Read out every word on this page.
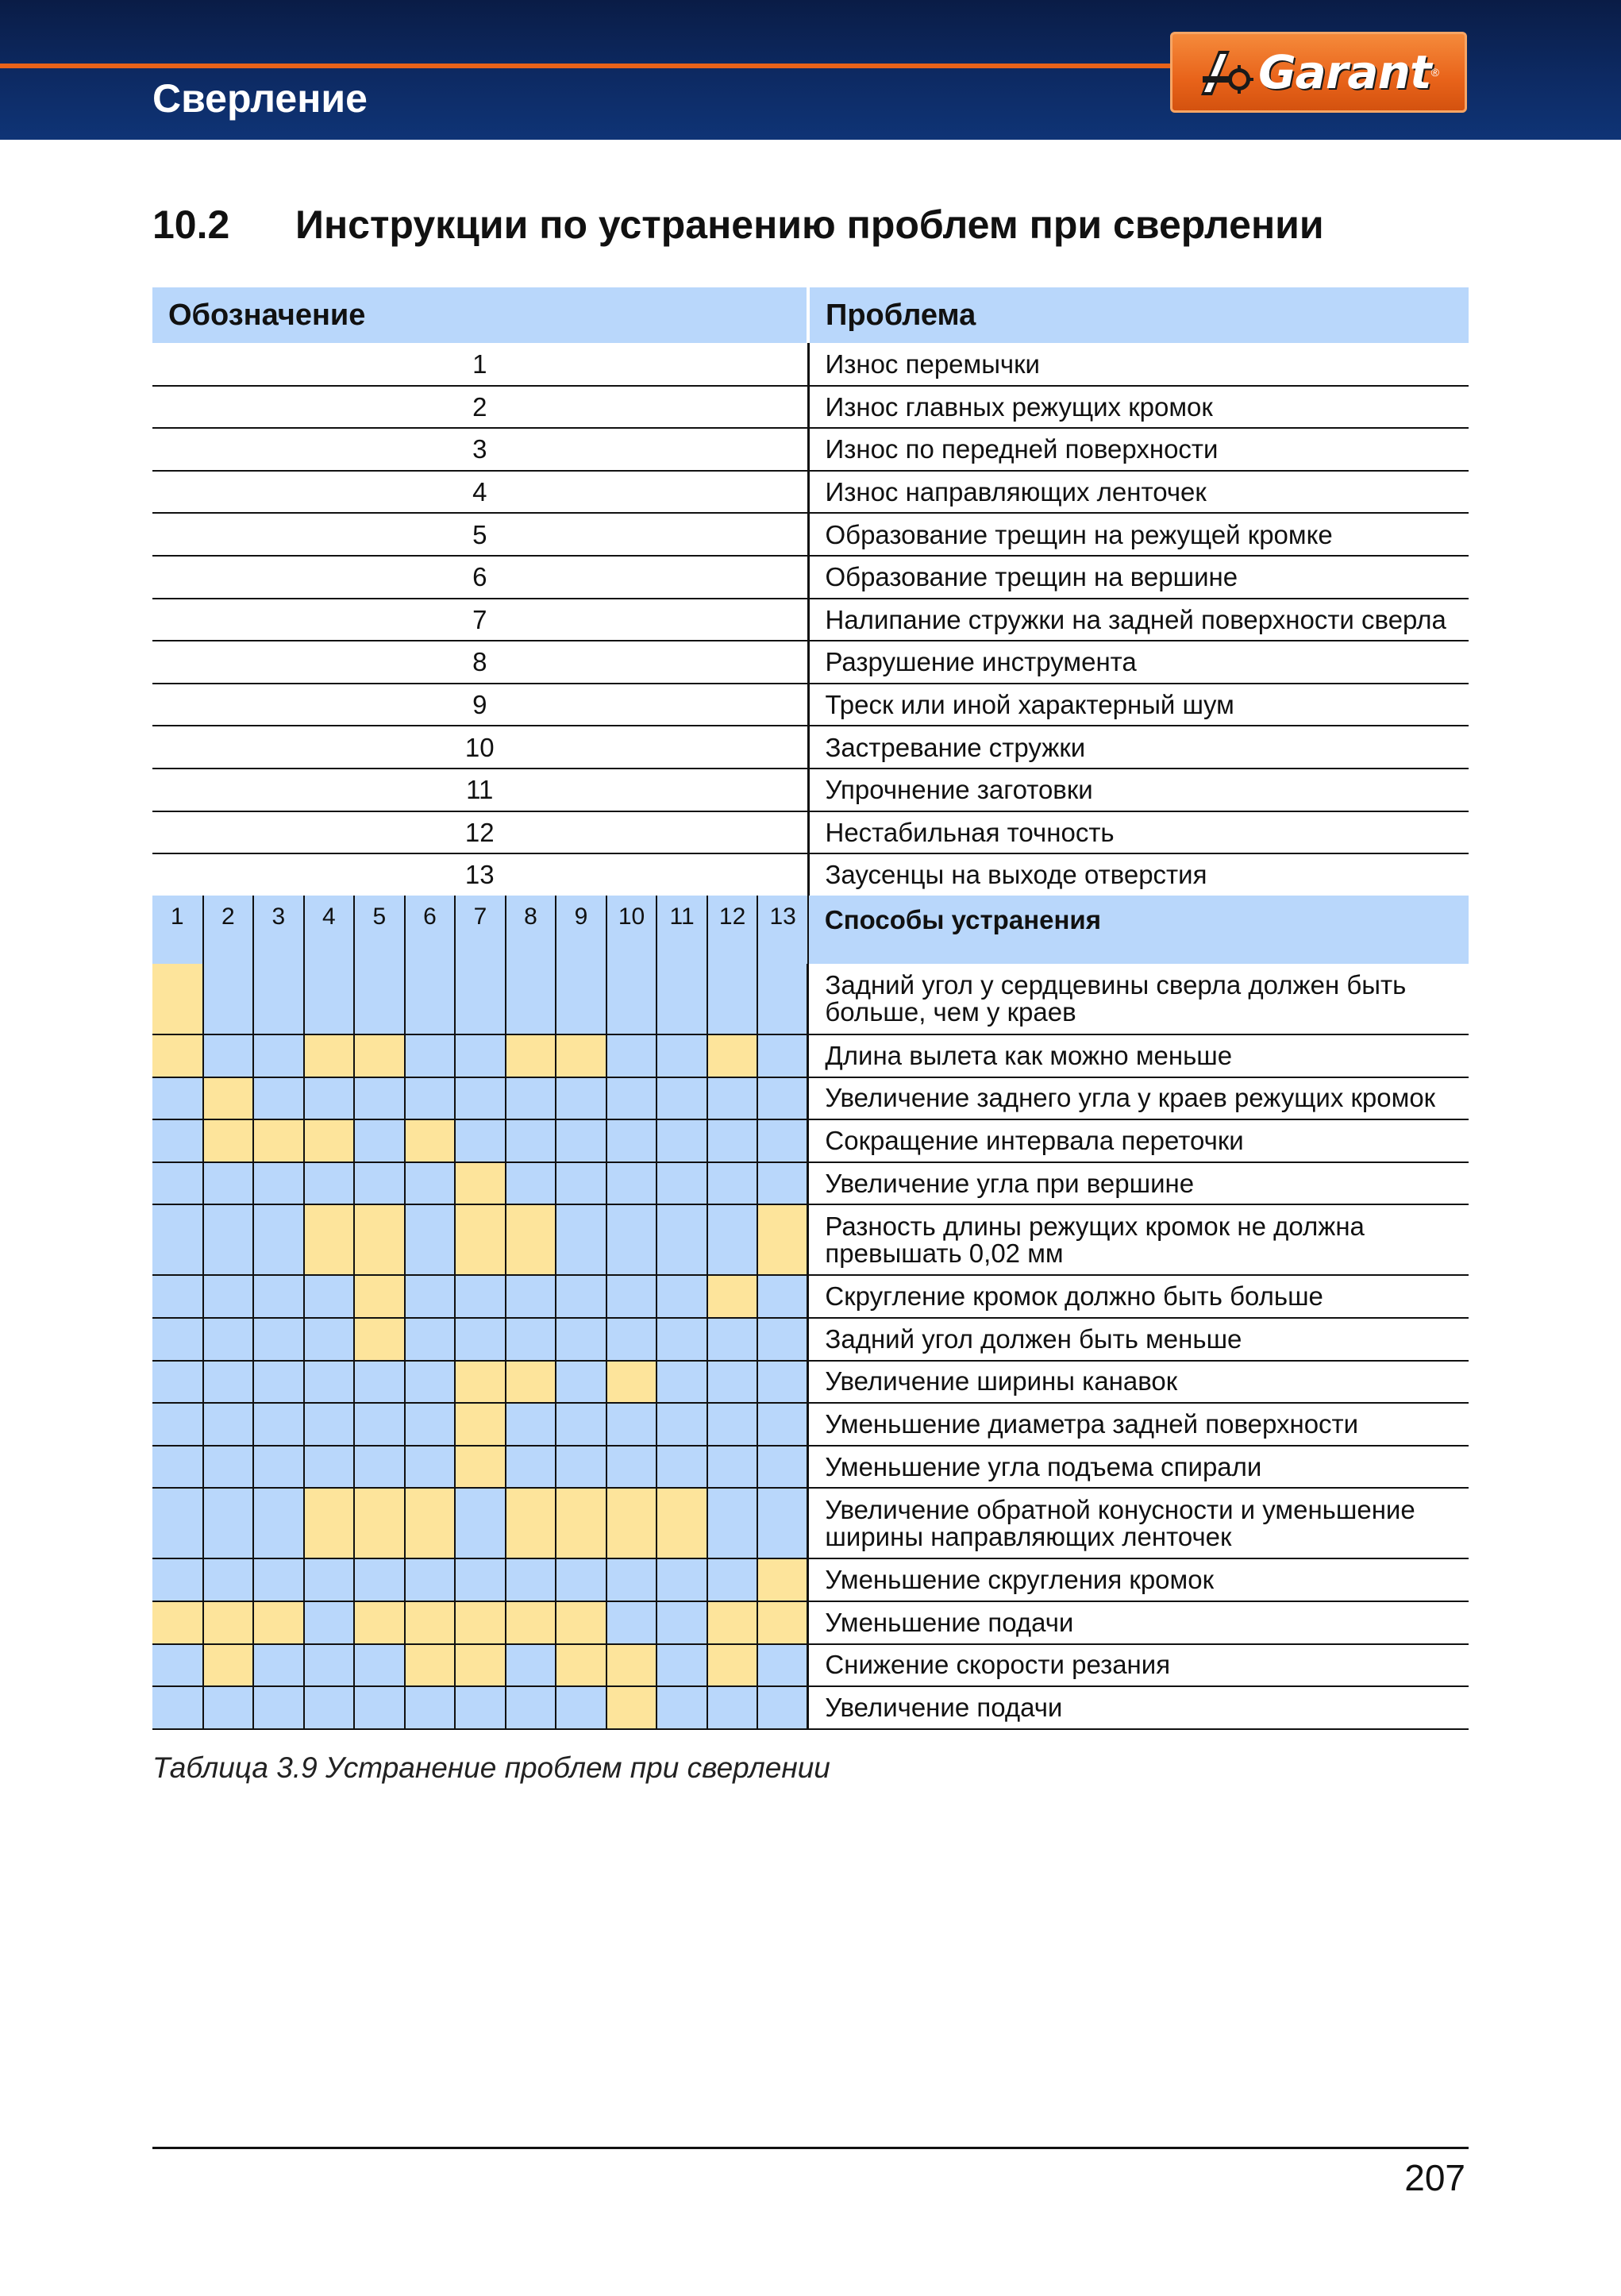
Сверление	Garant ®
10.2	Инструкции по устранению проблем при сверлении
Обозначение	Проблема
1	Износ перемычки
2	Износ главных режущих кромок
3	Износ по передней поверхности
4	Износ направляющих ленточек
5	Образование трещин на режущей кромке
6	Образование трещин на вершине
7	Налипание стружки на задней поверхности сверла
8	Разрушение инструмента
9	Треск или иной характерный шум
10	Застревание стружки
11	Упрочнение заготовки
12	Нестабильная точность
13	Заусенцы на выходе отверстия
1	2	3	4	5	6	7	8	9	10	11	12	13	Способы устранения
													Задний угол у сердцевины сверла должен быть больше, чем у краев
													Длина вылета как можно меньше
													Увеличение заднего угла у краев режущих кромок
													Сокращение интервала переточки
													Увеличение угла при вершине
													Разность длины режущих кромок не должна превышать 0,02 мм
													Скругление кромок должно быть больше
													Задний угол должен быть меньше
													Увеличение ширины канавок
													Уменьшение диаметра задней поверхности
													Уменьшение угла подъема спирали
													Увеличение обратной конусности и уменьшение ширины направляющих ленточек
													Уменьшение скругления кромок
													Уменьшение подачи
													Снижение скорости резания
													Увеличение подачи
Таблица 3.9 Устранение проблем при сверлении
207
